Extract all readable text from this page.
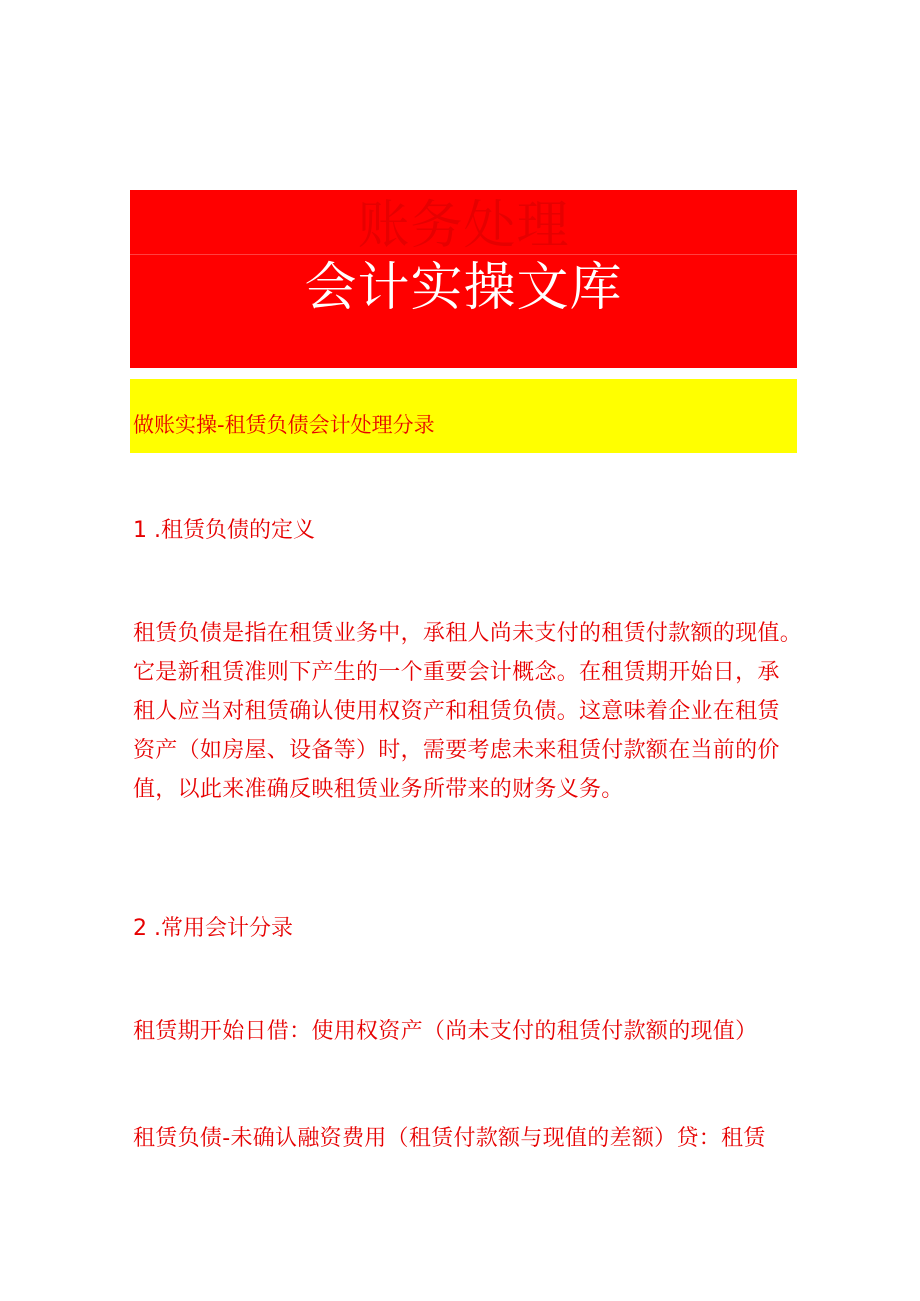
账务处理
会计实操文库
做账实操-租赁负债会计处理分录
1 .租赁负债的定义
租赁负债是指在租赁业务中，承租人尚未支付的租赁付款额的现值。
它是新租赁准则下产生的一个重要会计概念。在租赁期开始日，承
租人应当对租赁确认使用权资产和租赁负债。这意味着企业在租赁
资产（如房屋、设备等）时，需要考虑未来租赁付款额在当前的价
值，以此来准确反映租赁业务所带来的财务义务。
2 .常用会计分录
租赁期开始日借：使用权资产（尚未支付的租赁付款额的现值）
租赁负债-未确认融资费用（租赁付款额与现值的差额）贷：租赁
